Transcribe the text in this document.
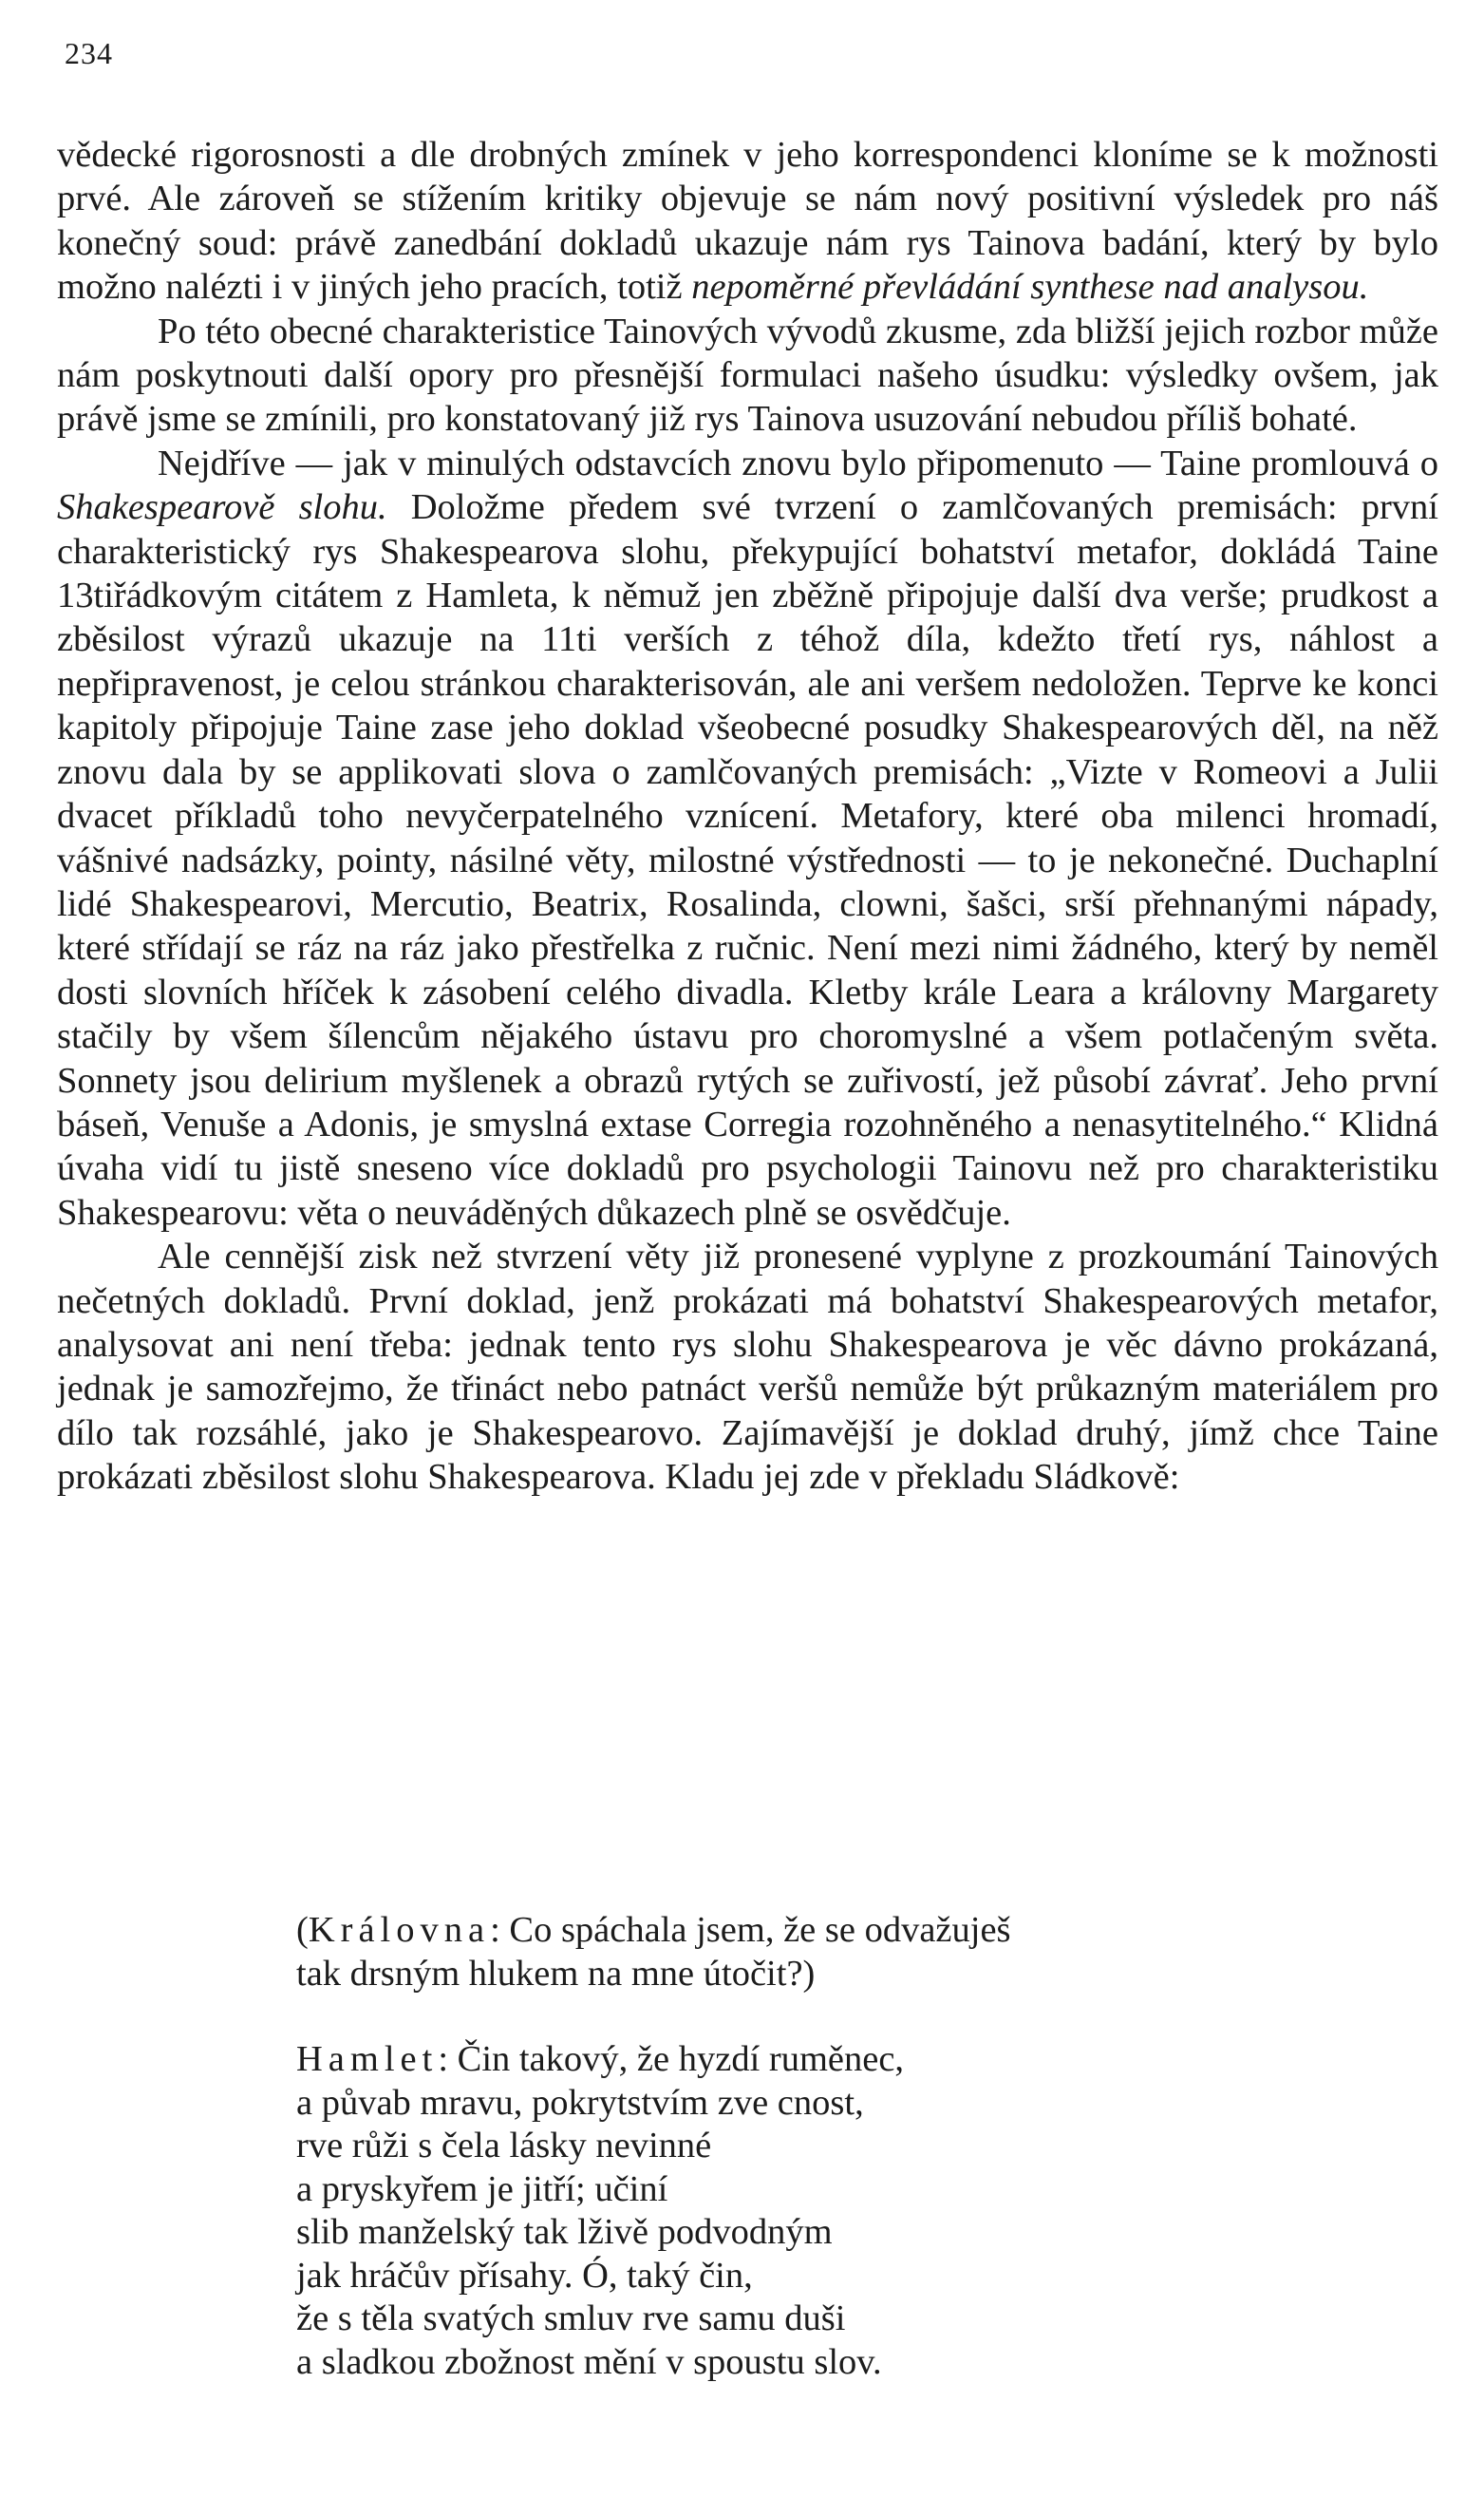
234

vědecké rigorosnosti a dle drobných zmínek v jeho korrespondenci kloníme se k možnosti prvé. Ale zároveň se stížením kritiky objevuje se nám nový positivní výsledek pro náš konečný soud: právě zanedbání dokladů ukazuje nám rys Tainova badání, který by bylo možno nalézti i v jiných jeho pracích, totiž nepoměrné převládání synthese nad analysou.

Po této obecné charakteristice Tainových vývodů zkusme, zda bližší jejich rozbor může nám poskytnouti další opory pro přesnější formulaci našeho úsudku: výsledky ovšem, jak právě jsme se zmínili, pro konstatovaný již rys Tainova usuzování nebudou příliš bohaté.

Nejdříve — jak v minulých odstavcích znovu bylo připomenuto — Taine promlouvá o Shakespearově slohu. Doložme předem své tvrzení o zamlčovaných premisách: první charakteristický rys Shakespearova slohu, překypující bohatství metafor, dokládá Taine 13tiřádkovým citátem z Hamleta, k němuž jen zběžně připojuje další dva verše; prudkost a zběsilost výrazů ukazuje na 11ti verších z téhož díla, kdežto třetí rys, náhlost a nepřipravenost, je celou stránkou charakterisován, ale ani veršem nedoložen. Teprve ke konci kapitoly připojuje Taine zase jeho doklad všeobecné posudky Shakespearových děl, na něž znovu dala by se applikovati slova o zamlčovaných premisách: „Vizte v Romeovi a Julii dvacet příkladů toho nevyčerpatelného vznícení. Metafory, které oba milenci hromadí, vášnivé nadsázky, pointy, násilné věty, milostné výstřednosti — to je nekonečné. Duchaplní lidé Shakespearovi, Mercutio, Beatrix, Rosalinda, clowni, šašci, srší přehnanými nápady, které střídají se ráz na ráz jako přestřelka z ručnic. Není mezi nimi žádného, který by neměl dosti slovních hříček k zásobení celého divadla. Kletby krále Leara a královny Margarety stačily by všem šílencům nějakého ústavu pro choromyslné a všem potlačeným světa. Sonnety jsou delirium myšlenek a obrazů rytých se zuřivostí, jež působí závrať. Jeho první báseň, Venuše a Adonis, je smyslná extase Corregia rozohněného a nenasytitelného.“ Klidná úvaha vidí tu jistě sneseno více dokladů pro psychologii Tainovu než pro charakteristiku Shakespearovu: věta o neuváděných důkazech plně se osvědčuje.

Ale cennější zisk než stvrzení věty již pronesené vyplyne z prozkoumání Tainových nečetných dokladů. První doklad, jenž prokázati má bohatství Shakespearových metafor, analysovat ani není třeba: jednak tento rys slohu Shakespearova je věc dávno prokázaná, jednak je samozřejmo, že třináct nebo patnáct veršů nemůže být průkazným materiálem pro dílo tak rozsáhlé, jako je Shakespearovo. Zajímavější je doklad druhý, jímž chce Taine prokázati zběsilost slohu Shakespearova. Kladu jej zde v překladu Sládkově:

(Královna: Co spáchala jsem, že se odvažuješ
tak drsným hlukem na mne útočit?)
Hamlet: Čin takový, že hyzdí ruměnec,
a půvab mravu, pokrytstvím zve cnost,
rve růži s čela lásky nevinné
a pryskyřem je jitří; učiní
slib manželský tak lživě podvodným
jak hráčův přísahy. Ó, taký čin,
že s těla svatých smluv rve samu duši
a sladkou zbožnost mění v spoustu slov.
